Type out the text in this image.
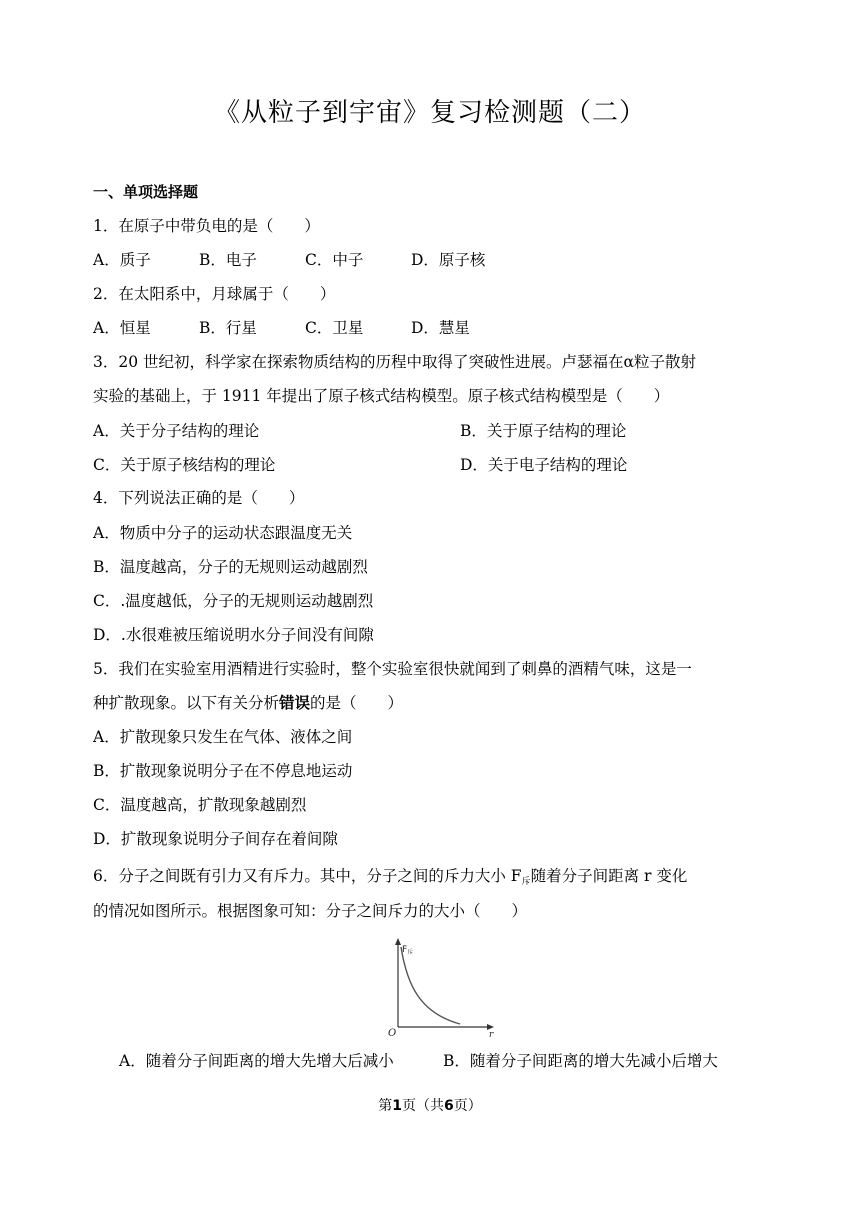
《从粒子到宇宙》复习检测题（二）
一、单项选择题
1．在原子中带负电的是（　　）
A．质子	B．电子	C．中子	D．原子核
2．在太阳系中，月球属于（　　）
A．恒星	B．行星	C．卫星	D．慧星
3．20 世纪初，科学家在探索物质结构的历程中取得了突破性进展。卢瑟福在α粒子散射
实验的基础上，于 1911 年提出了原子核式结构模型。原子核式结构模型是（　　）
A．关于分子结构的理论	B．关于原子结构的理论
C．关于原子核结构的理论	D．关于电子结构的理论
4．下列说法正确的是（　　）
A．物质中分子的运动状态跟温度无关
B．温度越高，分子的无规则运动越剧烈
C．.温度越低，分子的无规则运动越剧烈
D．.水很难被压缩说明水分子间没有间隙
5．我们在实验室用酒精进行实验时，整个实验室很快就闻到了刺鼻的酒精气味，这是一
种扩散现象。以下有关分析错误的是（　　）
A．扩散现象只发生在气体、液体之间
B．扩散现象说明分子在不停息地运动
C．温度越高，扩散现象越剧烈
D．扩散现象说明分子间存在着间隙
6．分子之间既有引力又有斥力。其中，分子之间的斥力大小 $F_斥$随着分子间距离 r 变化
的情况如图所示。根据图象可知：分子之间斥力的大小（　　）
$F_斥$
O	r
A．随着分子间距离的增大先增大后减小	B．随着分子间距离的增大先减小后增大
第1页（共6页）
